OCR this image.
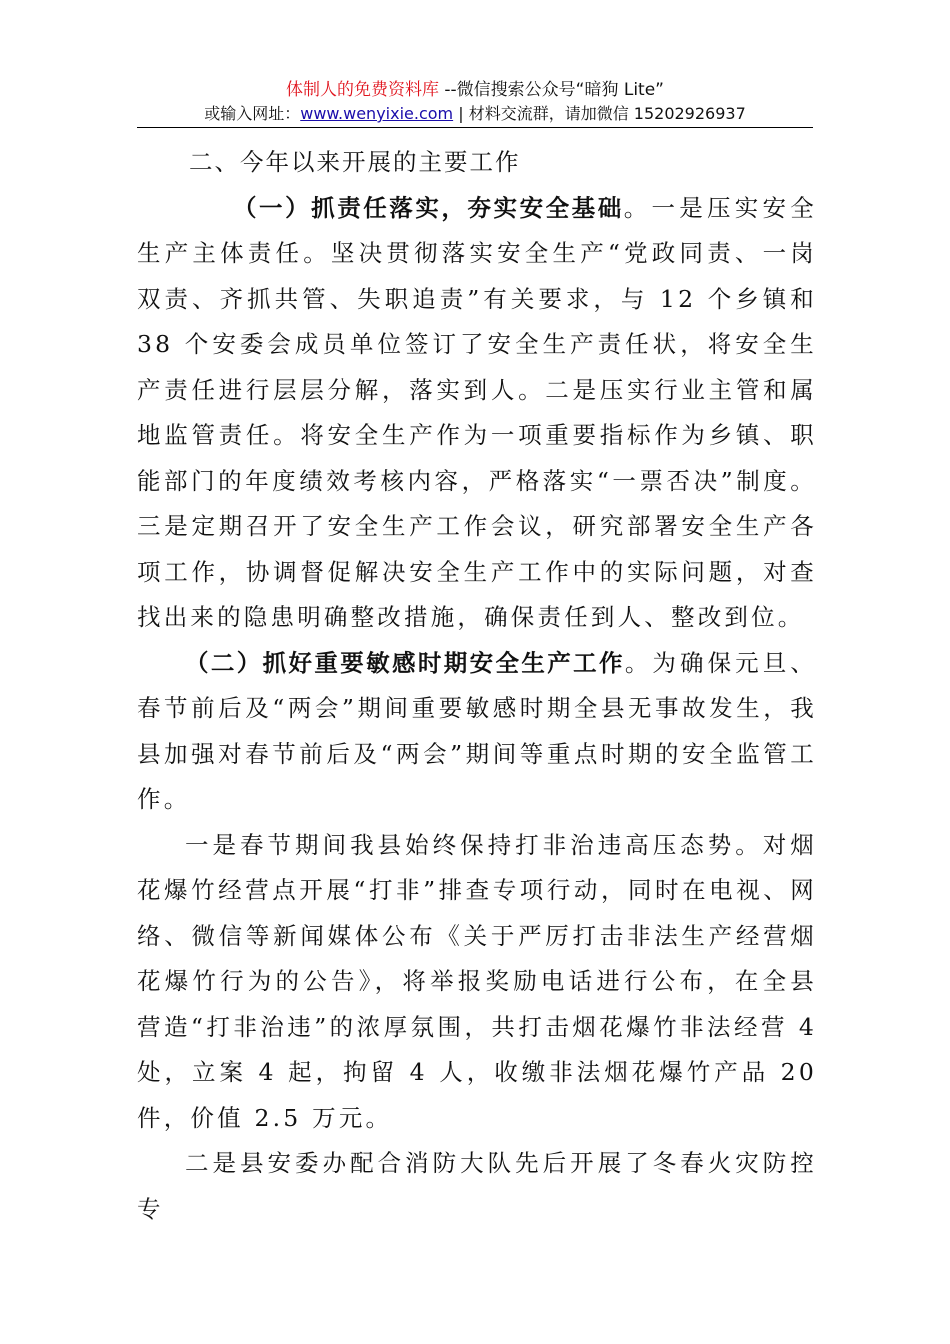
体制人的免费资料库 --微信搜索公众号“暗狗 Lite”
或输入网址：www.wenyixie.com | 材料交流群，请加微信 15202926937

二、今年以来开展的主要工作

（一）抓责任落实，夯实安全基础。一是压实安全生产主体责任。坚决贯彻落实安全生产“党政同责、一岗双责、齐抓共管、失职追责”有关要求，与 12 个乡镇和 38 个安委会成员单位签订了安全生产责任状，将安全生产责任进行层层分解，落实到人。二是压实行业主管和属地监管责任。将安全生产作为一项重要指标作为乡镇、职能部门的年度绩效考核内容，严格落实“一票否决”制度。三是定期召开了安全生产工作会议，研究部署安全生产各项工作，协调督促解决安全生产工作中的实际问题，对查找出来的隐患明确整改措施，确保责任到人、整改到位。

（二）抓好重要敏感时期安全生产工作。为确保元旦、春节前后及“两会”期间重要敏感时期全县无事故发生，我县加强对春节前后及“两会”期间等重点时期的安全监管工作。

一是春节期间我县始终保持打非治违高压态势。对烟花爆竹经营点开展“打非”排查专项行动，同时在电视、网络、微信等新闻媒体公布《关于严厉打击非法生产经营烟花爆竹行为的公告》，将举报奖励电话进行公布，在全县营造“打非治违”的浓厚氛围，共打击烟花爆竹非法经营 4 处，立案 4 起，拘留 4 人，收缴非法烟花爆竹产品 20 件，价值 2.5 万元。

二是县安委办配合消防大队先后开展了冬春火灾防控专
